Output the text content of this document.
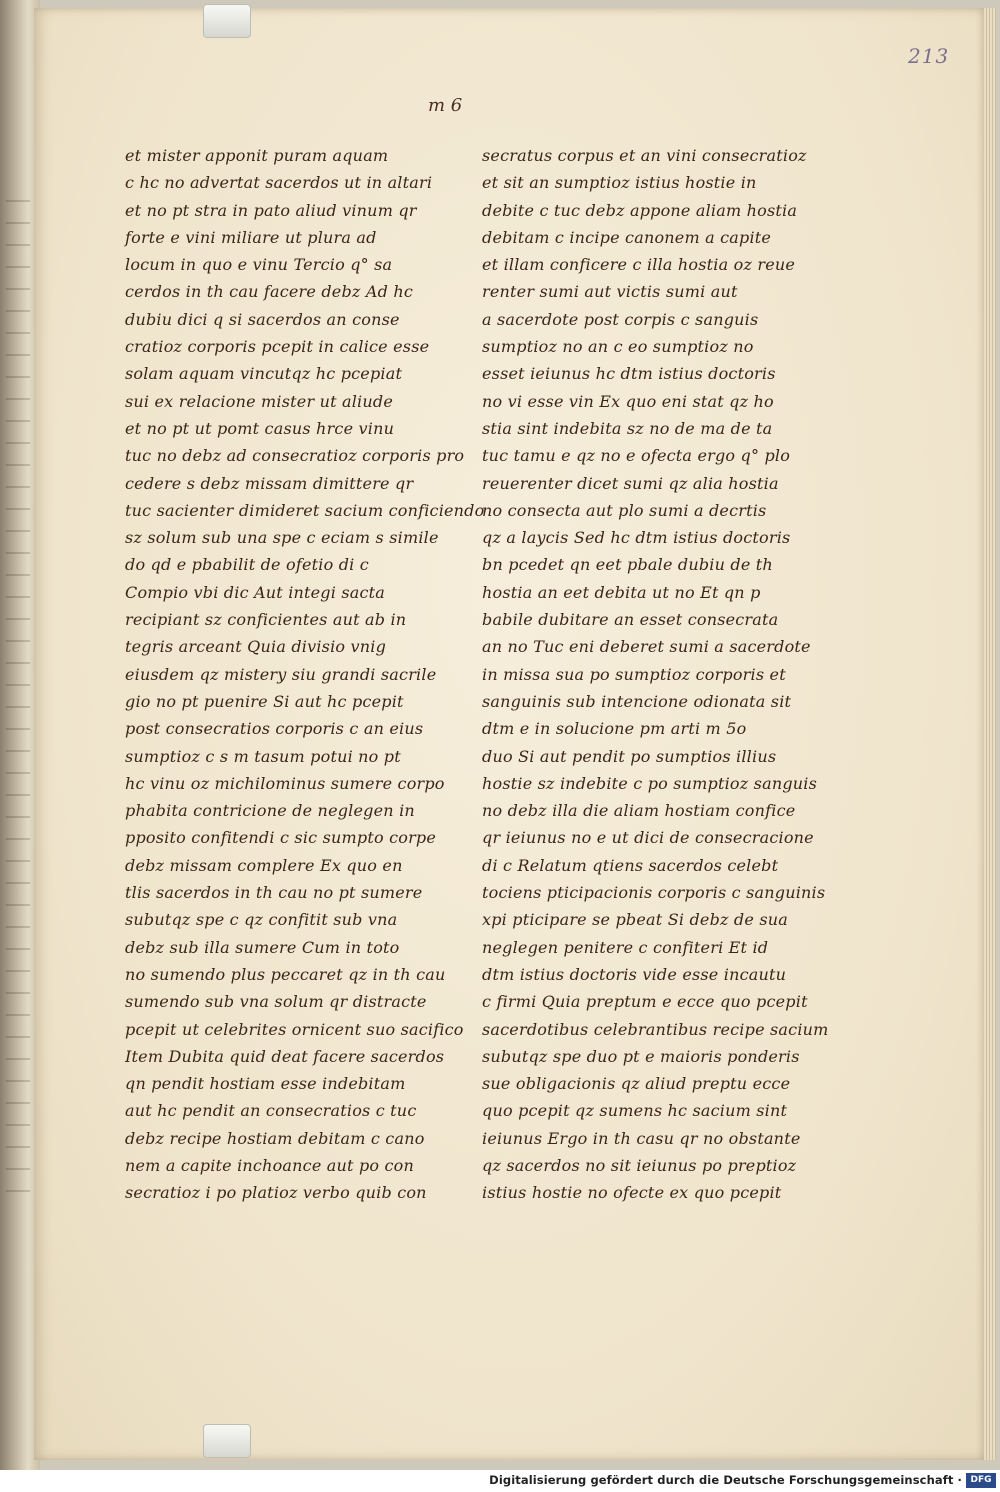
213
m 6
et mister apponit puram aquam
c hc no advertat sacerdos ut in altari
et no pt stra in pato aliud vinum qr
forte e vini miliare ut plura ad
locum in quo e vinu Tercio q° sa
cerdos in th cau facere debz Ad hc
dubiu dici q si sacerdos an conse
cratioz corporis pcepit in calice esse
solam aquam vincutqz hc pcepiat
sui ex relacione mister ut aliude
et no pt ut pomt casus hrce vinu
tuc no debz ad consecratioz corporis pro
cedere s debz missam dimittere qr
tuc sacienter dimideret sacium conficiendo
sz solum sub una spe c eciam s simile
do qd e pbabilit de ofetio di c
Compio vbi dic Aut integi sacta
recipiant sz conficientes aut ab in
tegris arceant Quia divisio vnig
eiusdem qz mistery siu grandi sacrile
gio no pt puenire Si aut hc pcepit
post consecratios corporis c an eius
sumptioz c s m tasum potui no pt
hc vinu oz michilominus sumere corpo
phabita contricione de neglegen in
pposito confitendi c sic sumpto corpe
debz missam complere Ex quo en
tlis sacerdos in th cau no pt sumere
subutqz spe c qz confitit sub vna
debz sub illa sumere Cum in toto
no sumendo plus peccaret qz in th cau
sumendo sub vna solum qr distracte
pcepit ut celebrites ornicent suo sacifico
Item Dubita quid deat facere sacerdos
qn pendit hostiam esse indebitam
aut hc pendit an consecratios c tuc
debz recipe hostiam debitam c cano
nem a capite inchoance aut po con
secratioz i po platioz verbo quib con
secratus corpus et an vini consecratioz
et sit an sumptioz istius hostie in
debite c tuc debz appone aliam hostia
debitam c incipe canonem a capite
et illam conficere c illa hostia oz reue
renter sumi aut victis sumi aut
a sacerdote post corpis c sanguis
sumptioz no an c eo sumptioz no
esset ieiunus hc dtm istius doctoris
no vi esse vin Ex quo eni stat qz ho
stia sint indebita sz no de ma de ta
tuc tamu e qz no e ofecta ergo q° plo
reuerenter dicet sumi qz alia hostia
no consecta aut plo sumi a decrtis
qz a laycis Sed hc dtm istius doctoris
bn pcedet qn eet pbale dubiu de th
hostia an eet debita ut no Et qn p
babile dubitare an esset consecrata
an no Tuc eni deberet sumi a sacerdote
in missa sua po sumptioz corporis et
sanguinis sub intencione odionata sit
dtm e in solucione pm arti m 5o
duo Si aut pendit po sumptios illius
hostie sz indebite c po sumptioz sanguis
no debz illa die aliam hostiam confice
qr ieiunus no e ut dici de consecracione
di c Relatum qtiens sacerdos celebt
tociens pticipacionis corporis c sanguinis
xpi pticipare se pbeat Si debz de sua
neglegen penitere c confiteri Et id
dtm istius doctoris vide esse incautu
c firmi Quia preptum e ecce quo pcepit
sacerdotibus celebrantibus recipe sacium
subutqz spe duo pt e maioris ponderis
sue obligacionis qz aliud preptu ecce
quo pcepit qz sumens hc sacium sint
ieiunus Ergo in th casu qr no obstante
qz sacerdos no sit ieiunus po preptioz
istius hostie no ofecte ex quo pcepit
Digitalisierung gefördert durch die Deutsche Forschungsgemeinschaft · DFG
